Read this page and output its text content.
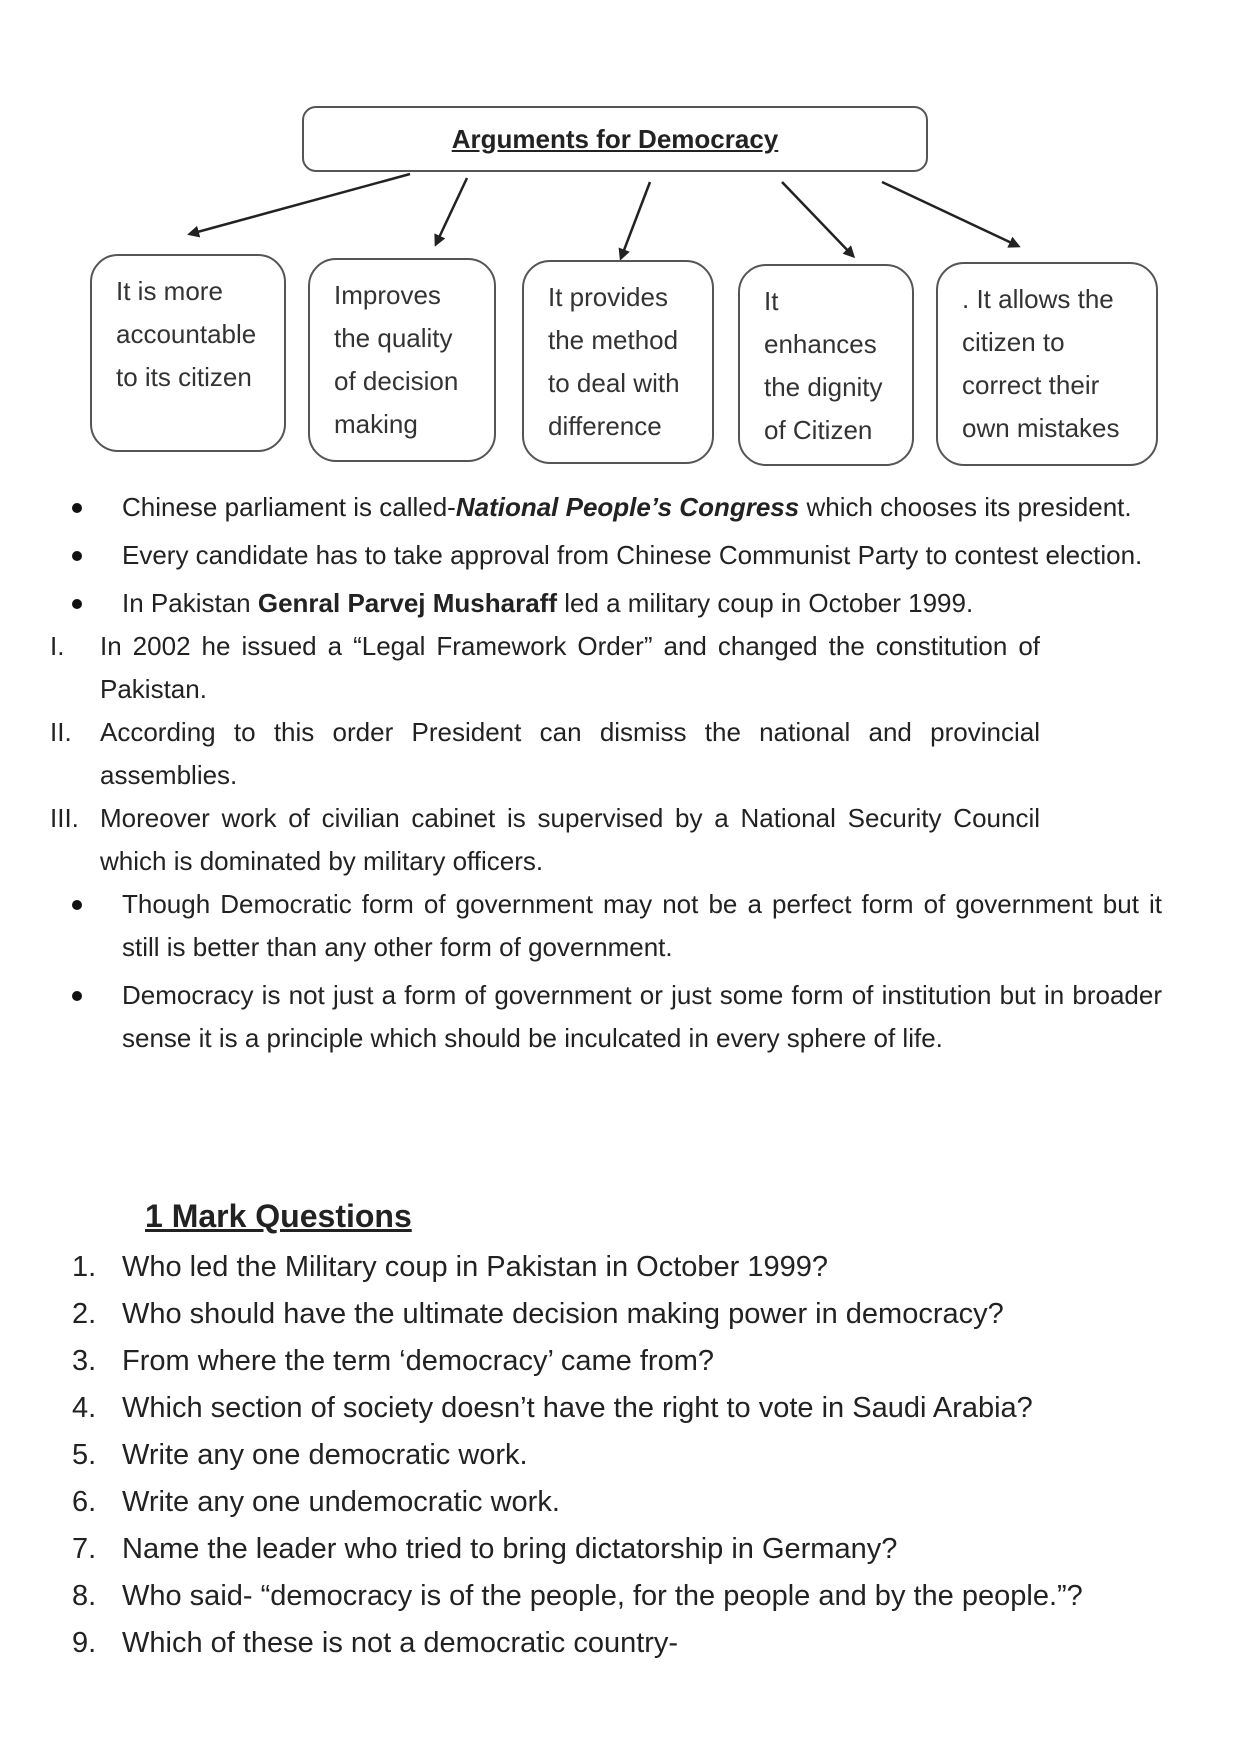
Arguments for Democracy
It is more
accountable
to its citizen
Improves
the quality
of decision
making
It provides
the method
to deal with
difference
It
enhances
the dignity
of Citizen
. It allows the
citizen to
correct their
own mistakes
Chinese parliament is called-National People’s Congress which chooses its president.
Every candidate has to take approval from Chinese Communist Party to contest election.
In Pakistan Genral Parvej Musharaff led a military coup in October 1999.
I.	In 2002 he issued a “Legal Framework Order” and changed the constitution of Pakistan.
II.	According to this order President can dismiss the national and provincial assemblies.
III. Moreover work of civilian cabinet is supervised by a National Security Council which is dominated by military officers.
Though Democratic form of government may not be a perfect form of government but it still is better than any other form of government.
Democracy is not just a form of government or just some form of institution but in broader sense it is a principle which should be inculcated in every sphere of life.
1 Mark Questions
1. Who led the Military coup in Pakistan in October 1999?
2. Who should have the ultimate decision making power in democracy?
3. From where the term ‘democracy’ came from?
4. Which section of society doesn’t have the right to vote in Saudi Arabia?
5. Write any one democratic work.
6. Write any one undemocratic work.
7. Name the leader who tried to bring dictatorship in Germany?
8. Who said- “democracy is of the people, for the people and by the people.”?
9. Which of these is not a democratic country-
